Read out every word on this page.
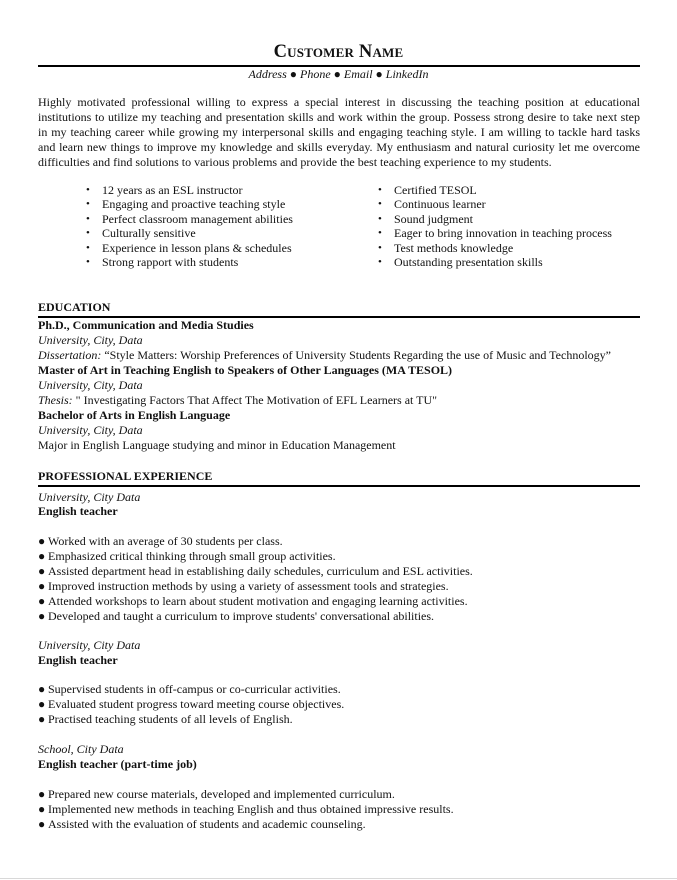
Customer Name
Address ● Phone ● Email ● LinkedIn
Highly motivated professional willing to express a special interest in discussing the teaching position at educational institutions to utilize my teaching and presentation skills and work within the group. Possess strong desire to take next step in my teaching career while growing my interpersonal skills and engaging teaching style. I am willing to tackle hard tasks and learn new things to improve my knowledge and skills everyday. My enthusiasm and natural curiosity let me overcome difficulties and find solutions to various problems and provide the best teaching experience to my students.
• 12 years as an ESL instructor
• Engaging and proactive teaching style
• Perfect classroom management abilities
• Culturally sensitive
• Experience in lesson plans & schedules
• Strong rapport with students
• Certified TESOL
• Continuous learner
• Sound judgment
• Eager to bring innovation in teaching process
• Test methods knowledge
• Outstanding presentation skills
EDUCATION
Ph.D., Communication and Media Studies
University, City, Data
Dissertation: “Style Matters: Worship Preferences of University Students Regarding the use of Music and Technology”
Master of Art in Teaching English to Speakers of Other Languages (MA TESOL)
University, City, Data
Thesis: " Investigating Factors That Affect The Motivation of EFL Learners at TU"
Bachelor of Arts in English Language
University, City, Data
Major in English Language studying and minor in Education Management
PROFESSIONAL EXPERIENCE
University, City Data
English teacher
● Worked with an average of 30 students per class.
● Emphasized critical thinking through small group activities.
● Assisted department head in establishing daily schedules, curriculum and ESL activities.
● Improved instruction methods by using a variety of assessment tools and strategies.
● Attended workshops to learn about student motivation and engaging learning activities.
● Developed and taught a curriculum to improve students' conversational abilities.
University, City Data
English teacher
● Supervised students in off-campus or co-curricular activities.
● Evaluated student progress toward meeting course objectives.
● Practised teaching students of all levels of English.
School, City Data
English teacher (part-time job)
● Prepared new course materials, developed and implemented curriculum.
● Implemented new methods in teaching English and thus obtained impressive results.
● Assisted with the evaluation of students and academic counseling.
